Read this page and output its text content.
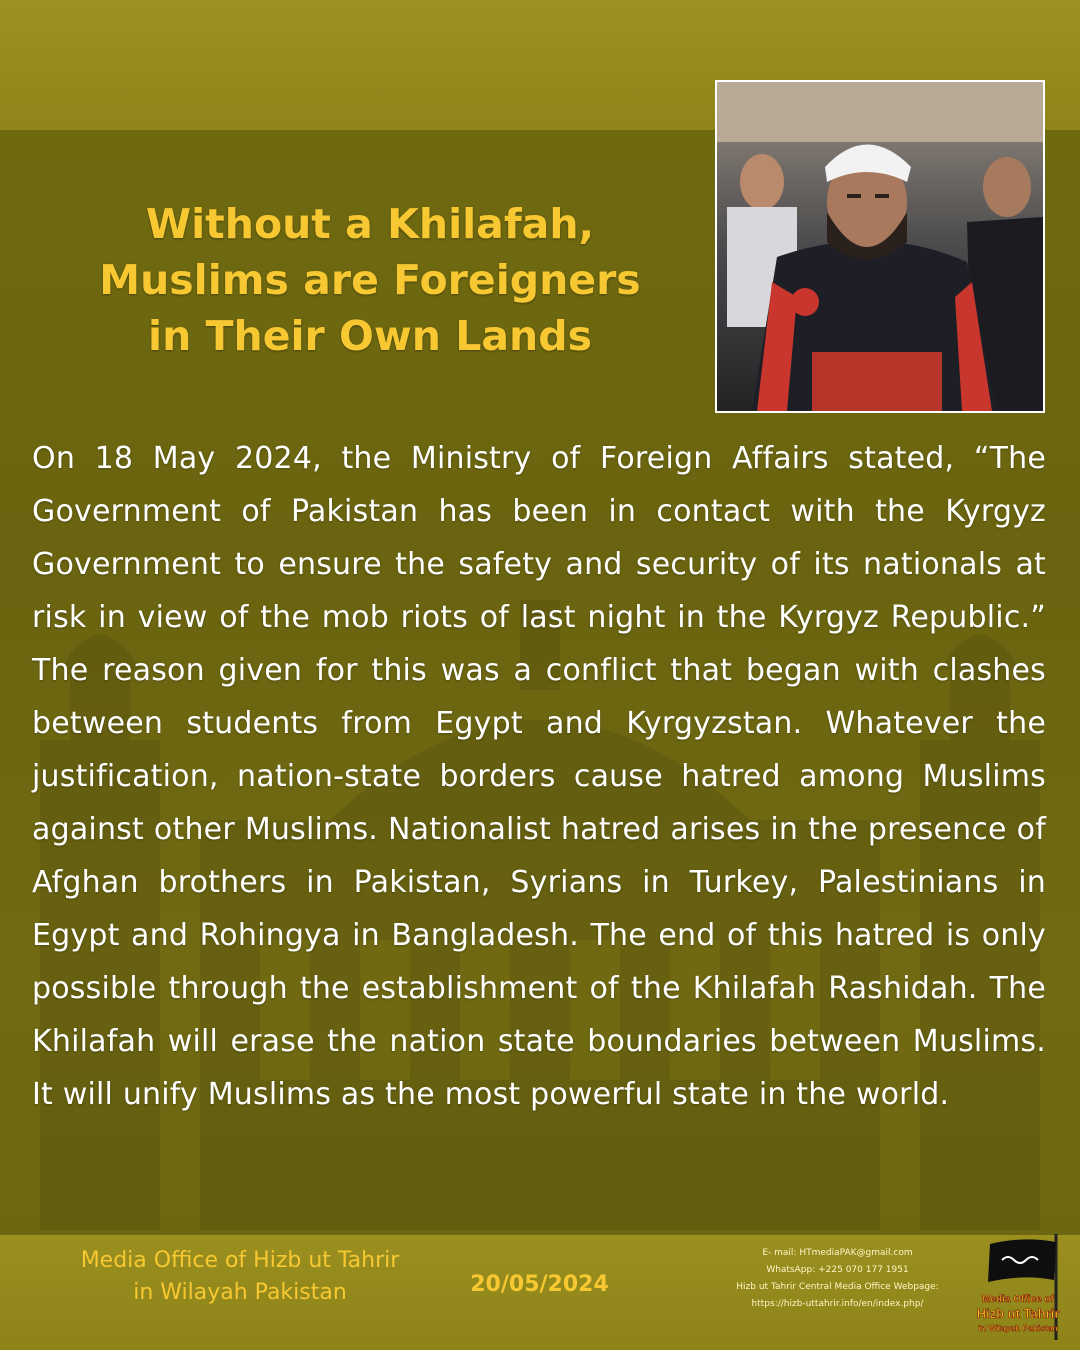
Without a Khilafah,
Muslims are Foreigners
in Their Own Lands
On 18 May 2024, the Ministry of Foreign Affairs stated, “The Government of Pakistan has been in contact with the Kyrgyz Government to ensure the safety and security of its nationals at risk in view of the mob riots of last night in the Kyrgyz Republic.” The reason given for this was a conflict that began with clashes between students from Egypt and Kyrgyzstan. Whatever the justification, nation-state borders cause hatred among Muslims against other Muslims. Nationalist hatred arises in the presence of Afghan brothers in Pakistan, Syrians in Turkey, Palestinians in Egypt and Rohingya in Bangladesh. The end of this hatred is only possible through the establishment of the Khilafah Rashidah. The Khilafah will erase the nation state boundaries between Muslims. It will unify Muslims as the most powerful state in the world.
Media Office of Hizb ut Tahrir
in Wilayah Pakistan	20/05/2024
E- mail: HTmediaPAK@gmail.com
WhatsApp: +225 070 177 1951
Hizb ut Tahrir Central Media Office Webpage:
https://hizb-uttahrir.info/en/index.php/	Media Office of
Hizb ut Tahrir
in Wilayah Pakistan
